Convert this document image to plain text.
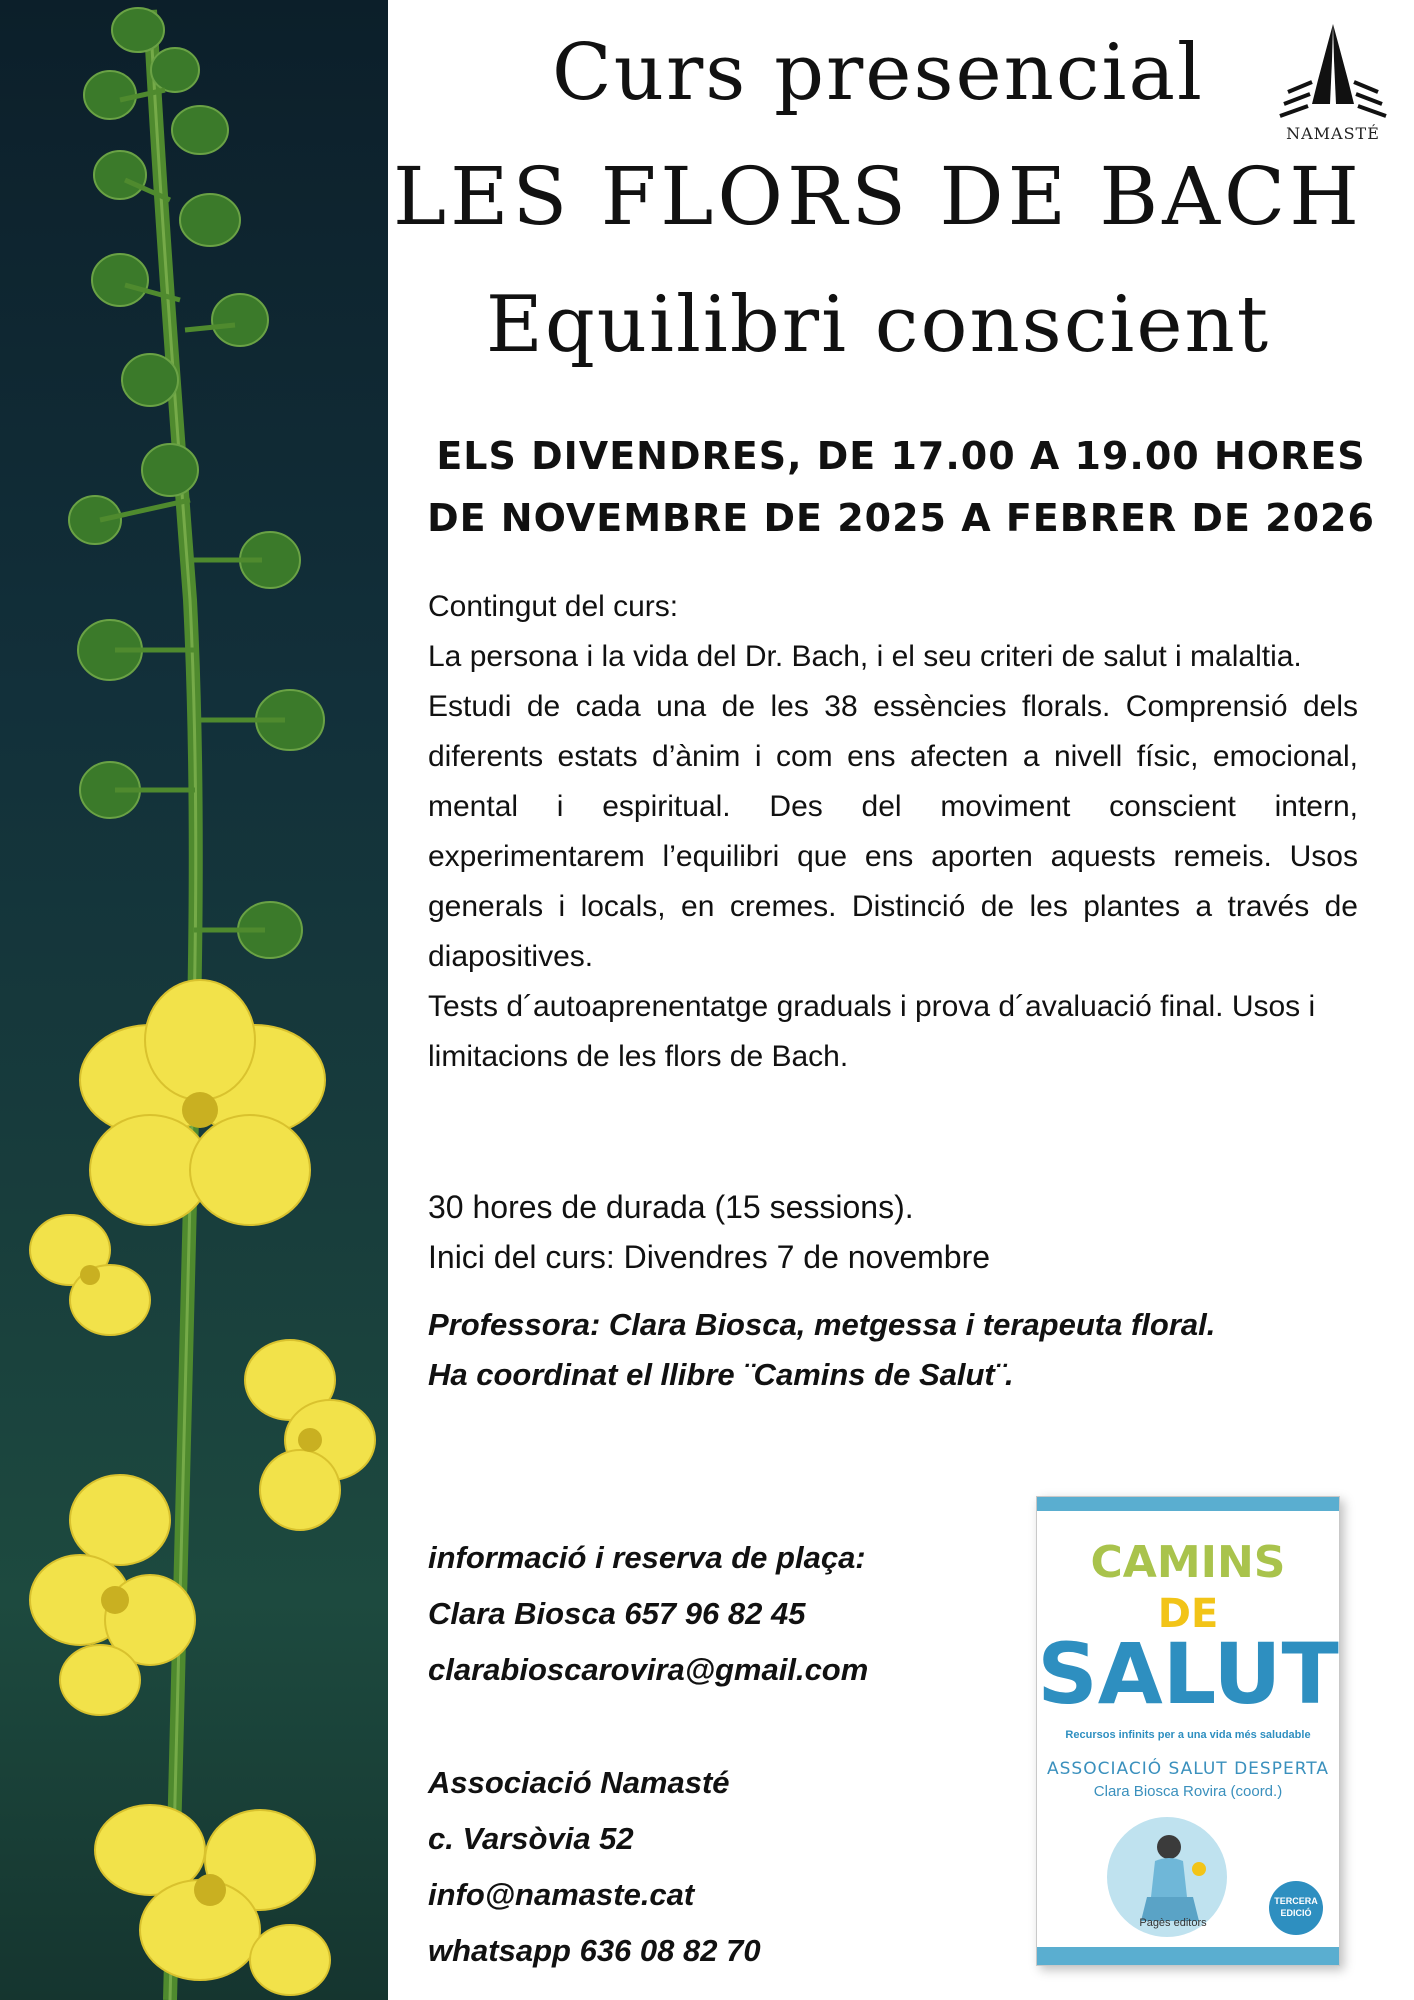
Curs presencial
LES FLORS DE BACH
Equilibri conscient
NAMASTÉ
ELS DIVENDRES, DE 17.00 A 19.00 HORES
DE NOVEMBRE DE 2025 A FEBRER DE 2026
Contingut del curs:
La persona i la vida del Dr. Bach, i el seu criteri de salut i malaltia.
Estudi de cada una de les 38 essències florals. Comprensió dels diferents estats d’ànim i com ens afecten a nivell físic, emocional, mental i espiritual. Des del moviment conscient intern, experimentarem l’equilibri que ens aporten aquests remeis. Usos generals i locals, en cremes. Distinció de les plantes a través de diapositives.
Tests d´autoaprenentatge graduals i prova d´avaluació final. Usos i limitacions de les flors de Bach.
30 hores de durada (15 sessions).
Inici del curs: Divendres 7 de novembre
Professora: Clara Biosca, metgessa i terapeuta floral.
Ha coordinat el llibre ¨Camins de Salut¨.
informació i reserva de plaça:
Clara Biosca 657 96 82 45
clarabioscarovira@gmail.com
Associació Namasté
c. Varsòvia 52
info@namaste.cat
whatsapp 636 08 82 70
CAMINS
DE
SALUT
Recursos infinits per a una vida més saludable
ASSOCIACIÓ SALUT DESPERTA
Clara Biosca Rovira (coord.)
Pagès editors
TERCERA EDICIÓ
